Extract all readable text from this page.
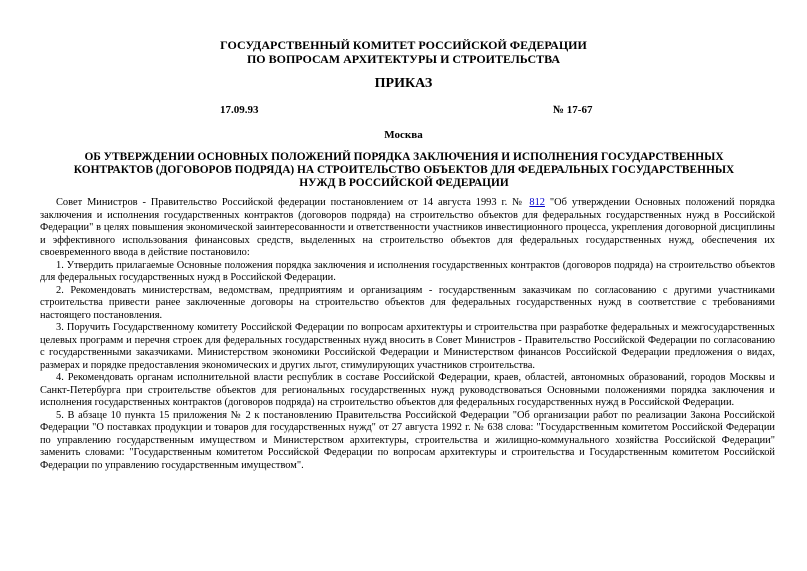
ГОСУДАРСТВЕННЫЙ КОМИТЕТ РОССИЙСКОЙ ФЕДЕРАЦИИ
ПО ВОПРОСАМ АРХИТЕКТУРЫ И СТРОИТЕЛЬСТВА
ПРИКАЗ
17.09.93	№ 17-67
Москва
ОБ УТВЕРЖДЕНИИ ОСНОВНЫХ ПОЛОЖЕНИЙ ПОРЯДКА ЗАКЛЮЧЕНИЯ И ИСПОЛНЕНИЯ ГОСУДАРСТВЕННЫХ КОНТРАКТОВ (ДОГОВОРОВ ПОДРЯДА) НА СТРОИТЕЛЬСТВО ОБЪЕКТОВ ДЛЯ ФЕДЕРАЛЬНЫХ ГОСУДАРСТВЕННЫХ НУЖД В РОССИЙСКОЙ ФЕДЕРАЦИИ

Совет Министров - Правительство Российской федерации постановлением от 14 августа 1993 г. № 812 "Об утверждении Основных положений порядка заключения и исполнения государственных контрактов (договоров подряда) на строительство объектов для федеральных государственных нужд в Российской Федерации" в целях повышения экономической заинтересованности и ответственности участников инвестиционного процесса, укрепления договорной дисциплины и эффективного использования финансовых средств, выделенных на строительство объектов для федеральных государственных нужд, обеспечения их своевременного ввода в действие постановило:

1. Утвердить прилагаемые Основные положения порядка заключения и исполнения государственных контрактов (договоров подряда) на строительство объектов для федеральных государственных нужд в Российской Федерации.

2. Рекомендовать министерствам, ведомствам, предприятиям и организациям - государственным заказчикам по согласованию с другими участниками строительства привести ранее заключенные договоры на строительство объектов для федеральных государственных нужд в соответствие с требованиями настоящего постановления.

3. Поручить Государственному комитету Российской Федерации по вопросам архитектуры и строительства при разработке федеральных и межгосударственных целевых программ и перечня строек для федеральных государственных нужд вносить в Совет Министров - Правительство Российской Федерации по согласованию с государственными заказчиками. Министерством экономики Российской Федерации и Министерством финансов Российской Федерации предложения о видах, размерах и порядке предоставления экономических и других льгот, стимулирующих участников строительства.

4. Рекомендовать органам исполнительной власти республик в составе Российской Федерации, краев, областей, автономных образований, городов Москвы и Санкт-Петербурга при строительстве объектов для региональных государственных нужд руководствоваться Основными положениями порядка заключения и исполнения государственных контрактов (договоров подряда) на строительство объектов для федеральных государственных нужд в Российской Федерации.

5. В абзаце 10 пункта 15 приложения № 2 к постановлению Правительства Российской Федерации "Об организации работ по реализации Закона Российской Федерации "О поставках продукции и товаров для государственных нужд" от 27 августа 1992 г. № 638 слова: "Государственным комитетом Российской Федерации по управлению государственным имуществом и Министерством архитектуры, строительства и жилищно-коммунального хозяйства Российской Федерации" заменить словами: "Государственным комитетом Российской Федерации по вопросам архитектуры и строительства и Государственным комитетом Российской Федерации по управлению государственным имуществом".
